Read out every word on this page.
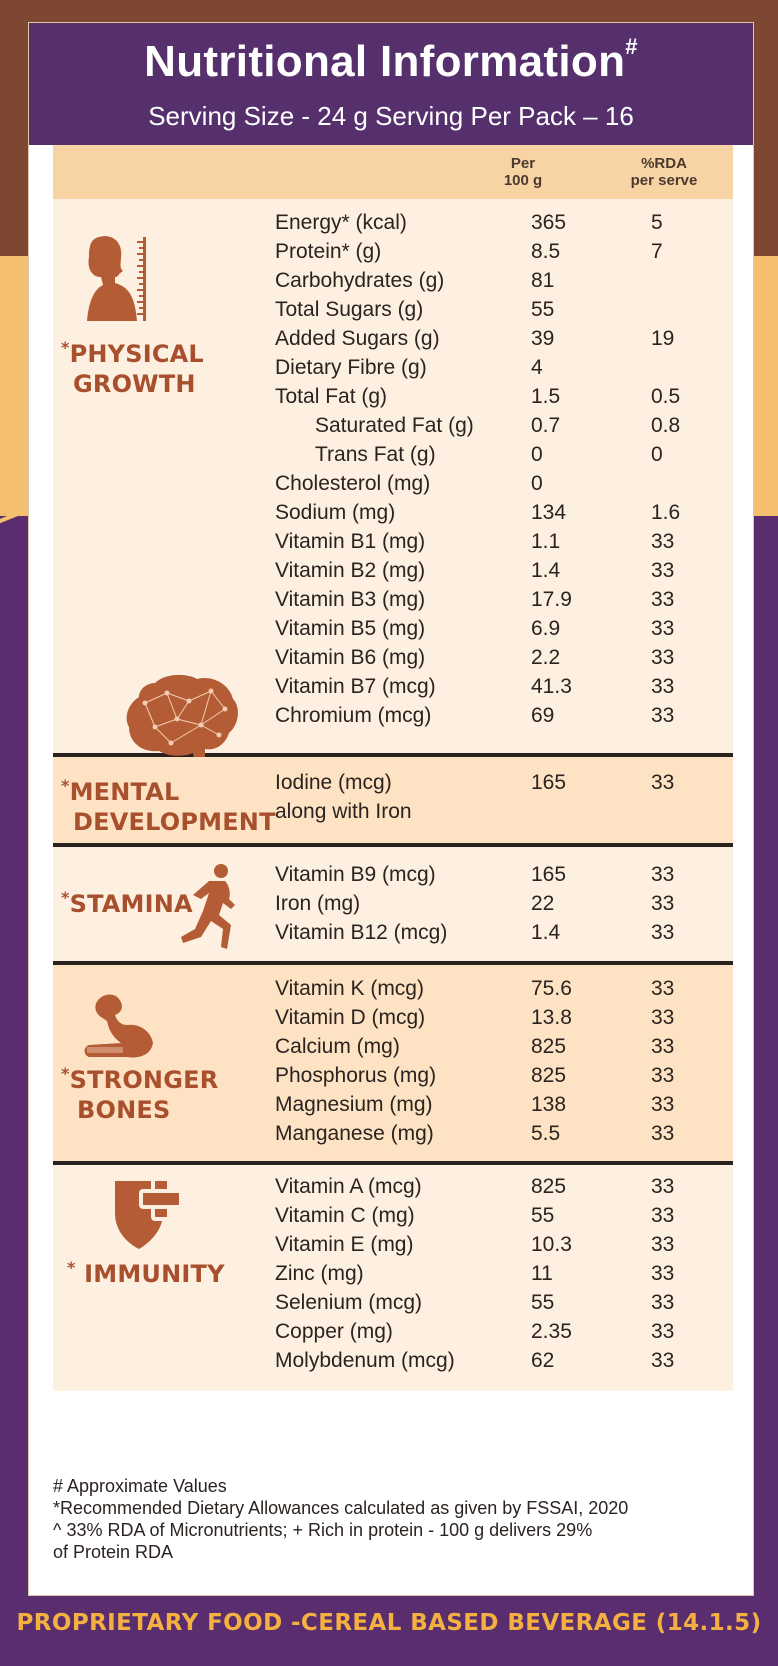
Nutritional Information#
Serving Size - 24 g Serving Per Pack – 16
Per
100 g
%RDA
per serve
*PHYSICAL
GROWTH
Energy* (kcal)	365	5
Protein* (g)	8.5	7
Carbohydrates (g)	81
Total Sugars (g)	55
Added Sugars (g)	39	19
Dietary Fibre (g)	4
Total Fat (g)	1.5	0.5
Saturated Fat (g)	0.7	0.8
Trans Fat (g)	0	0
Cholesterol (mg)	0
Sodium (mg)	134	1.6
Vitamin B1 (mg)	1.1	33
Vitamin B2 (mg)	1.4	33
Vitamin B3 (mg)	17.9	33
Vitamin B5 (mg)	6.9	33
Vitamin B6 (mg)	2.2	33
Vitamin B7 (mcg)	41.3	33
Chromium (mcg)	69	33
*MENTAL
DEVELOPMENT
Iodine (mcg)	165	33
along with Iron
*STAMINA
Vitamin B9 (mcg)	165	33
Iron (mg)	22	33
Vitamin B12 (mcg)	1.4	33
*STRONGER
BONES
Vitamin K (mcg)	75.6	33
Vitamin D (mcg)	13.8	33
Calcium (mg)	825	33
Phosphorus (mg)	825	33
Magnesium (mg)	138	33
Manganese (mg)	5.5	33
* IMMUNITY
Vitamin A (mcg)	825	33
Vitamin C (mg)	55	33
Vitamin E (mg)	10.3	33
Zinc (mg)	11	33
Selenium (mcg)	55	33
Copper (mg)	2.35	33
Molybdenum (mcg)	62	33
# Approximate Values
*Recommended Dietary Allowances calculated as given by FSSAI, 2020
^ 33% RDA of Micronutrients; + Rich in protein - 100 g delivers 29%
of Protein RDA
PROPRIETARY FOOD -CEREAL BASED BEVERAGE (14.1.5)
